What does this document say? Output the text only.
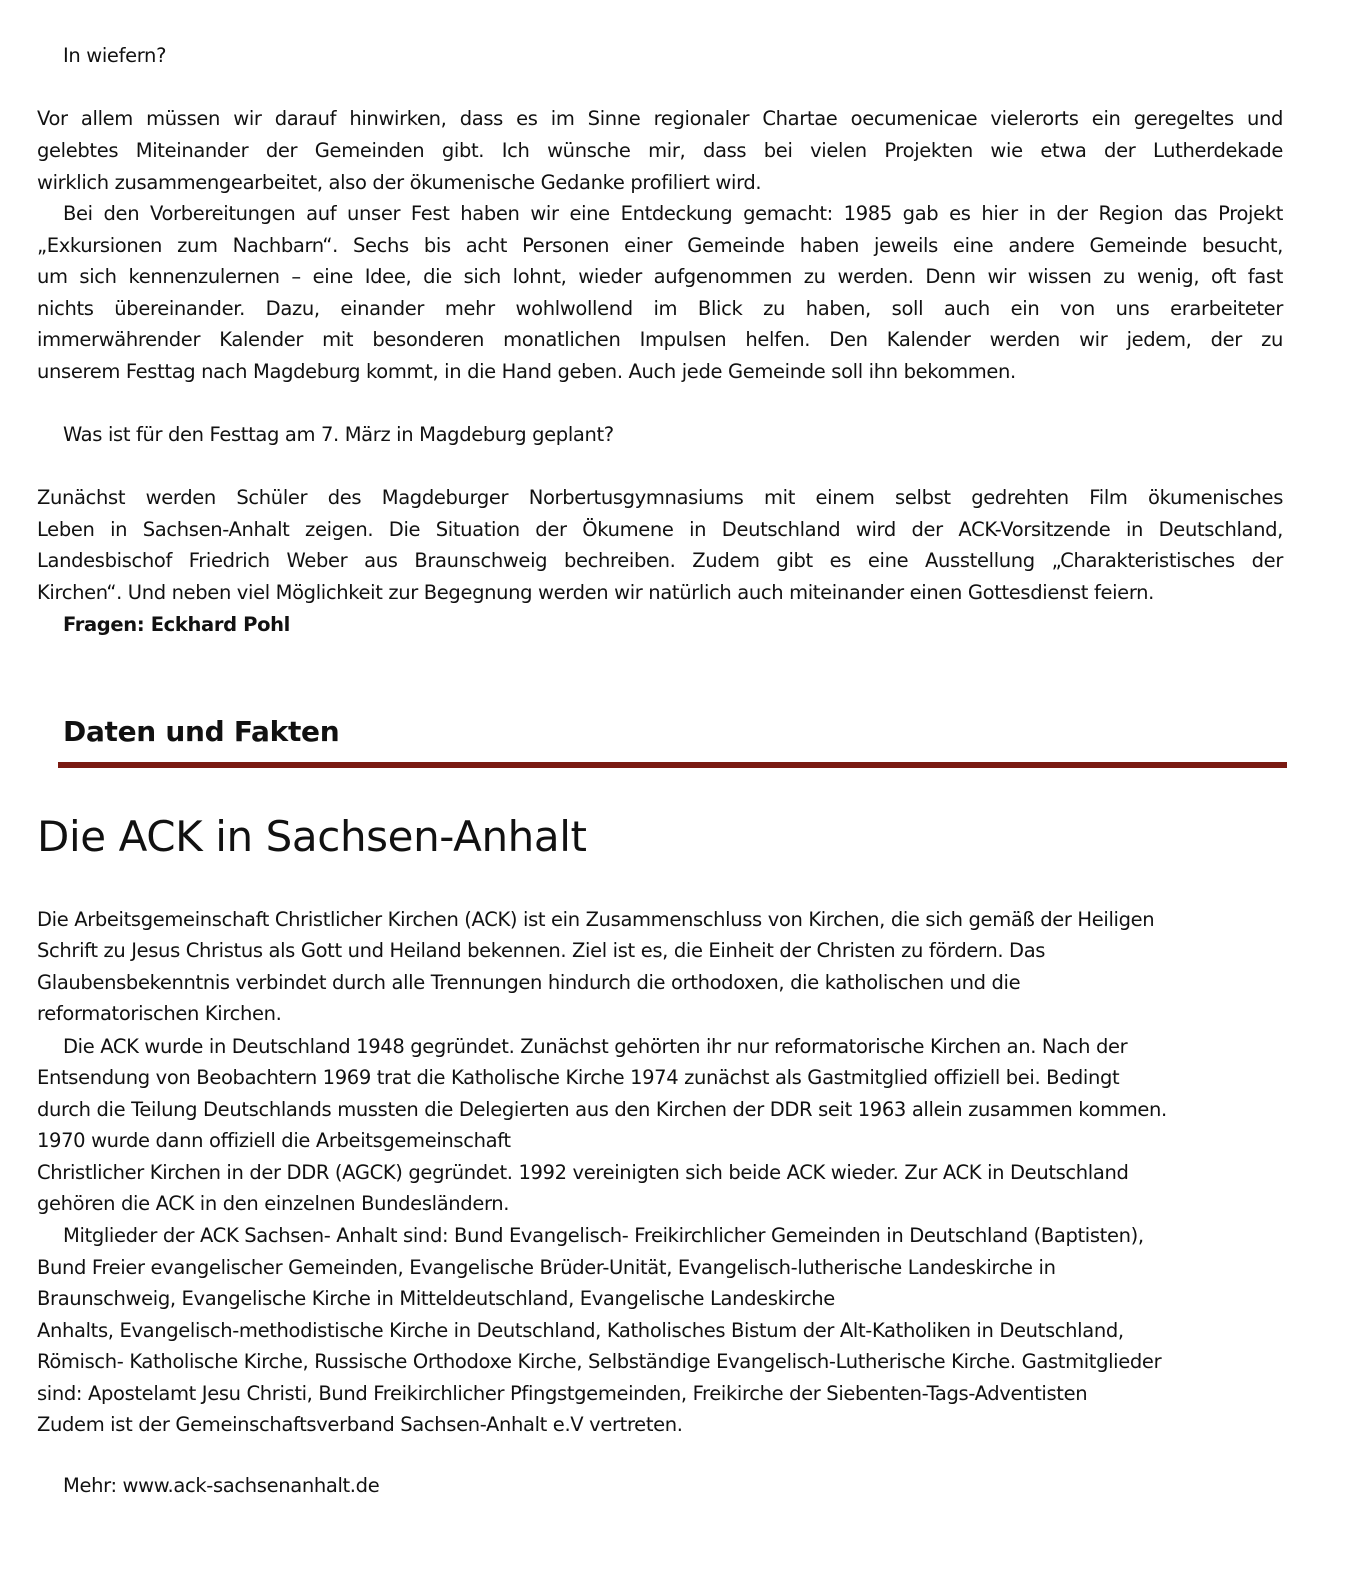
In wiefern?
Vor allem müssen wir darauf hinwirken, dass es im Sinne regionaler Chartae oecumenicae vielerorts ein geregeltes und
gelebtes Miteinander der Gemeinden gibt. Ich wünsche mir, dass bei vielen Projekten wie etwa der Lutherdekade
wirklich zusammengearbeitet, also der ökumenische Gedanke profiliert wird.
Bei den Vorbereitungen auf unser Fest haben wir eine Entdeckung gemacht: 1985 gab es hier in der Region das Projekt
„Exkursionen zum Nachbarn“. Sechs bis acht Personen einer Gemeinde haben jeweils eine andere Gemeinde besucht,
um sich kennenzulernen – eine Idee, die sich lohnt, wieder aufgenommen zu werden. Denn wir wissen zu wenig, oft fast
nichts übereinander. Dazu, einander mehr wohlwollend im Blick zu haben, soll auch ein von uns erarbeiteter
immerwährender Kalender mit besonderen monatlichen Impulsen helfen. Den Kalender werden wir jedem, der zu
unserem Festtag nach Magdeburg kommt, in die Hand geben. Auch jede Gemeinde soll ihn bekommen.
Was ist für den Festtag am 7. März in Magdeburg geplant?
Zunächst werden Schüler des Magdeburger Norbertusgymnasiums mit einem selbst gedrehten Film ökumenisches
Leben in Sachsen-Anhalt zeigen. Die Situation der Ökumene in Deutschland wird der ACK-Vorsitzende in Deutschland,
Landesbischof Friedrich Weber aus Braunschweig bechreiben. Zudem gibt es eine Ausstellung „Charakteristisches der
Kirchen“. Und neben viel Möglichkeit zur Begegnung werden wir natürlich auch miteinander einen Gottesdienst feiern.
Fragen: Eckhard Pohl
Daten und Fakten
Die ACK in Sachsen-Anhalt
Die Arbeitsgemeinschaft Christlicher Kirchen (ACK) ist ein Zusammenschluss von Kirchen, die sich gemäß der Heiligen
Schrift zu Jesus Christus als Gott und Heiland bekennen. Ziel ist es, die Einheit der Christen zu fördern. Das
Glaubensbekenntnis verbindet durch alle Trennungen hindurch die orthodoxen, die katholischen und die
reformatorischen Kirchen.
Die ACK wurde in Deutschland 1948 gegründet. Zunächst gehörten ihr nur reformatorische Kirchen an. Nach der
Entsendung von Beobachtern 1969 trat die Katholische Kirche 1974 zunächst als Gastmitglied offiziell bei. Bedingt
durch die Teilung Deutschlands mussten die Delegierten aus den Kirchen der DDR seit 1963 allein zusammen kommen.
1970 wurde dann offiziell die Arbeitsgemeinschaft
Christlicher Kirchen in der DDR (AGCK) gegründet. 1992 vereinigten sich beide ACK wieder. Zur ACK in Deutschland
gehören die ACK in den einzelnen Bundesländern.
Mitglieder der ACK Sachsen- Anhalt sind: Bund Evangelisch- Freikirchlicher Gemeinden in Deutschland (Baptisten),
Bund Freier evangelischer Gemeinden, Evangelische Brüder-Unität, Evangelisch-lutherische Landeskirche in
Braunschweig, Evangelische Kirche in Mitteldeutschland, Evangelische Landeskirche
Anhalts, Evangelisch-methodistische Kirche in Deutschland, Katholisches Bistum der Alt-Katholiken in Deutschland,
Römisch- Katholische Kirche, Russische Orthodoxe Kirche, Selbständige Evangelisch-Lutherische Kirche. Gastmitglieder
sind: Apostelamt Jesu Christi, Bund Freikirchlicher Pfingstgemeinden, Freikirche der Siebenten-Tags-Adventisten
Zudem ist der Gemeinschaftsverband Sachsen-Anhalt e.V vertreten.
Mehr: www.ack-sachsenanhalt.de
